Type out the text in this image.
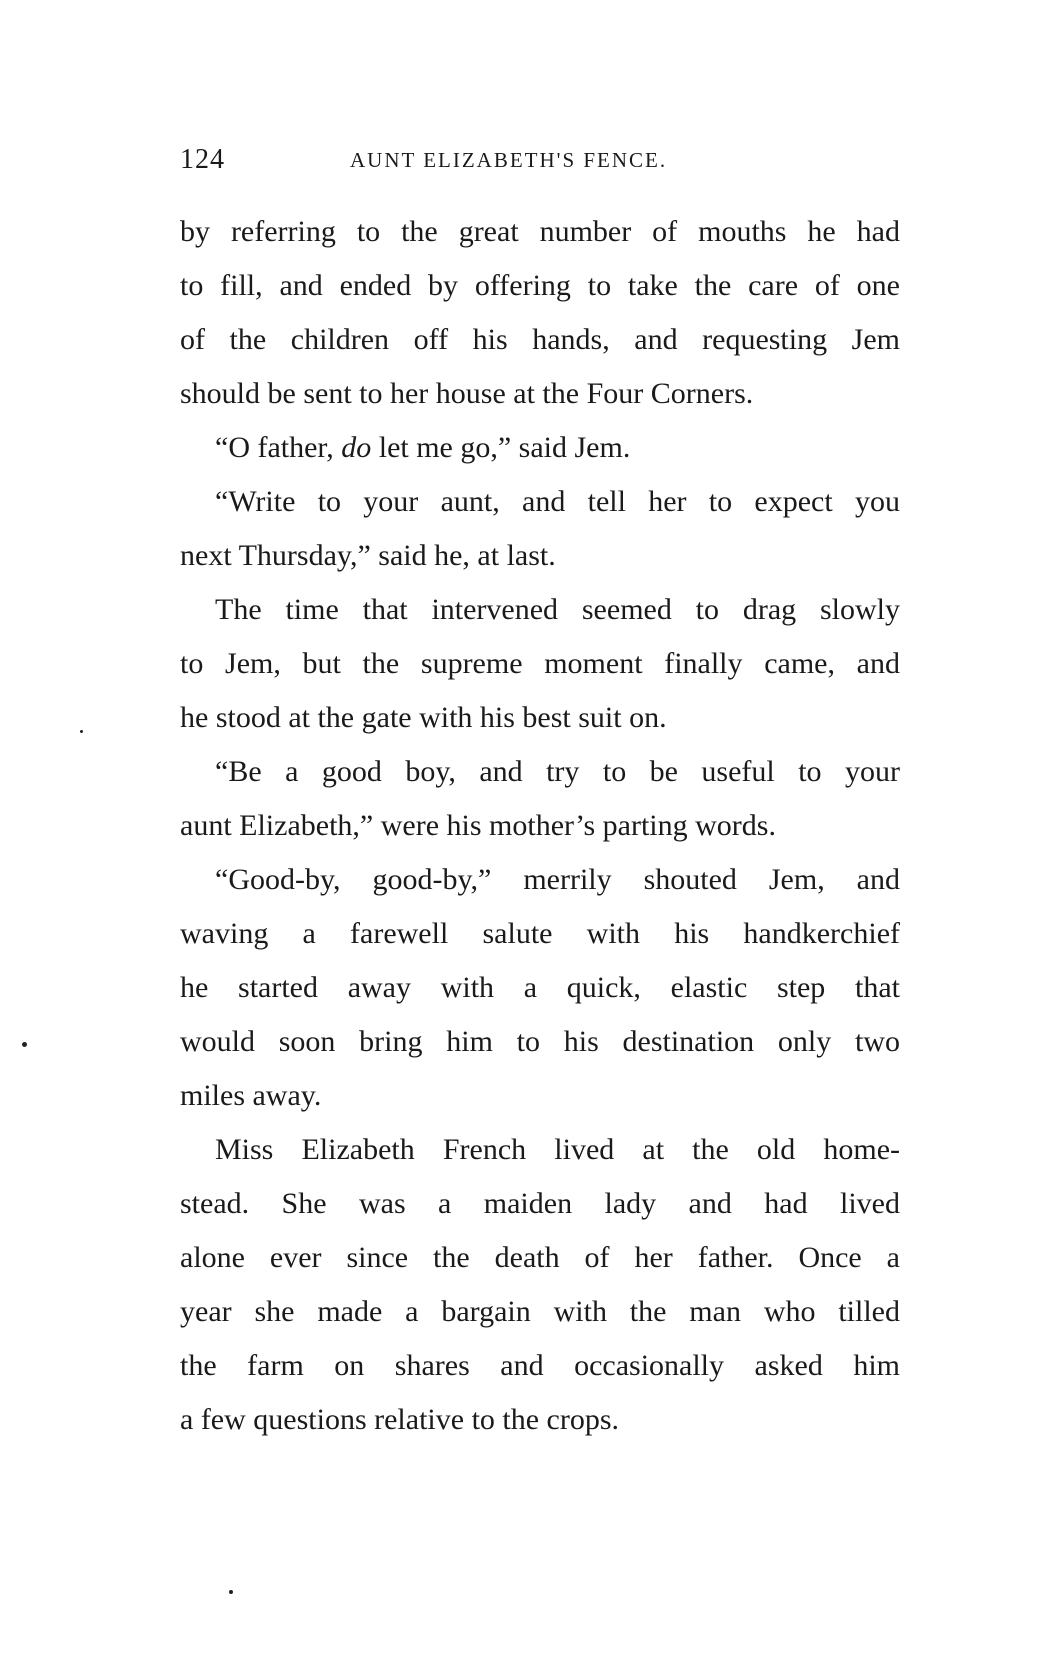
124	AUNT ELIZABETH'S FENCE.
by referring to the great number of mouths he had
to fill, and ended by offering to take the care of one
of the children off his hands, and requesting Jem
should be sent to her house at the Four Corners.
“O father, do let me go,” said Jem.
“Write to your aunt, and tell her to expect you
next Thursday,” said he, at last.
The time that intervened seemed to drag slowly
to Jem, but the supreme moment finally came, and
he stood at the gate with his best suit on.
“Be a good boy, and try to be useful to your
aunt Elizabeth,” were his mother’s parting words.
“Good-by, good-by,” merrily shouted Jem, and
waving a farewell salute with his handkerchief
he started away with a quick, elastic step that
would soon bring him to his destination only two
miles away.
Miss Elizabeth French lived at the old home-
stead. She was a maiden lady and had lived
alone ever since the death of her father. Once a
year she made a bargain with the man who tilled
the farm on shares and occasionally asked him
a few questions relative to the crops.
